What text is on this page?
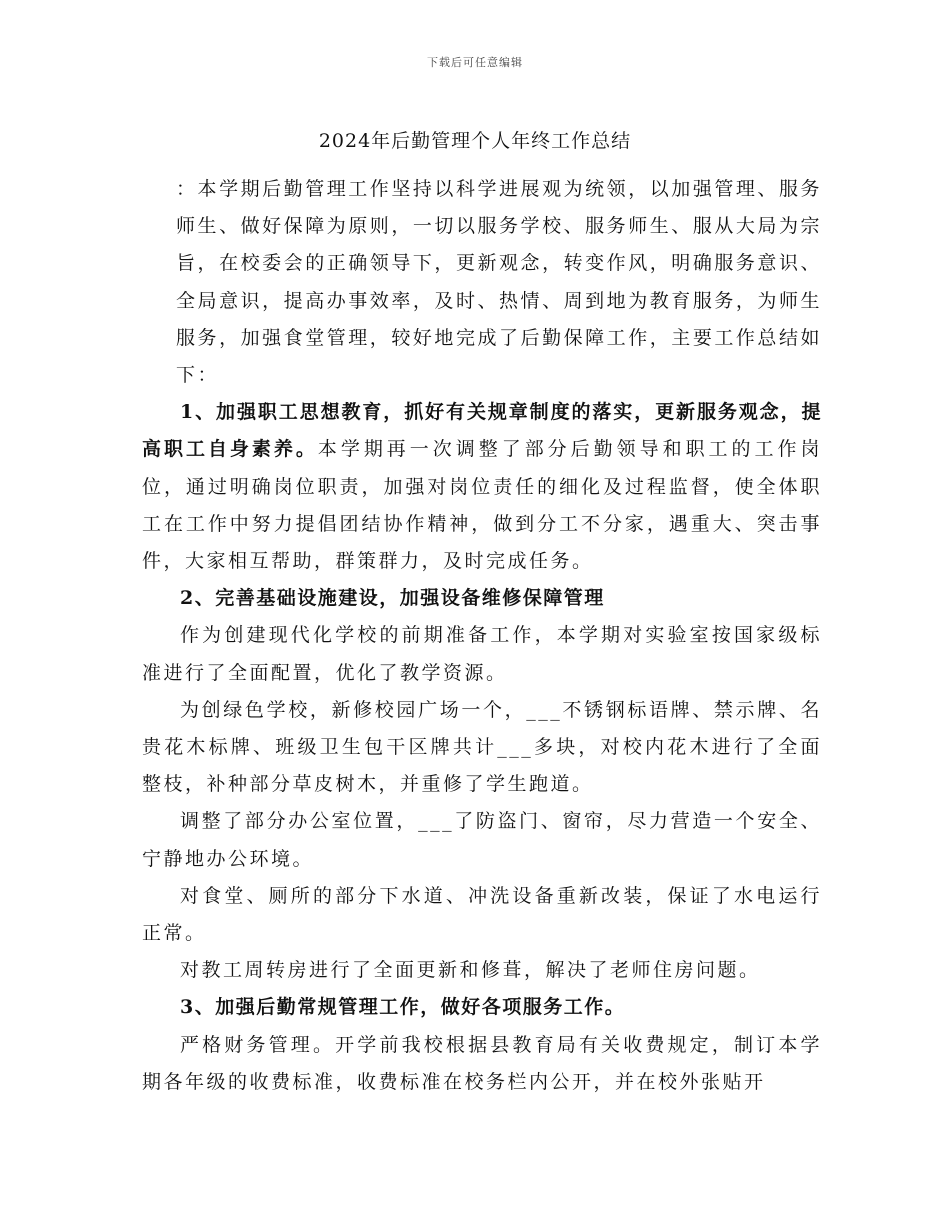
下载后可任意编辑
2024年后勤管理个人年终工作总结

：本学期后勤管理工作坚持以科学进展观为统领，以加强管理、服务师生、做好保障为原则，一切以服务学校、服务师生、服从大局为宗旨，在校委会的正确领导下，更新观念，转变作风，明确服务意识、全局意识，提高办事效率，及时、热情、周到地为教育服务，为师生服务，加强食堂管理，较好地完成了后勤保障工作，主要工作总结如下：

1、加强职工思想教育，抓好有关规章制度的落实，更新服务观念，提高职工自身素养。本学期再一次调整了部分后勤领导和职工的工作岗位，通过明确岗位职责，加强对岗位责任的细化及过程监督，使全体职工在工作中努力提倡团结协作精神，做到分工不分家，遇重大、突击事件，大家相互帮助，群策群力，及时完成任务。

2、完善基础设施建设，加强设备维修保障管理

作为创建现代化学校的前期准备工作，本学期对实验室按国家级标准进行了全面配置，优化了教学资源。

为创绿色学校，新修校园广场一个，___不锈钢标语牌、禁示牌、名贵花木标牌、班级卫生包干区牌共计___多块，对校内花木进行了全面整枝，补种部分草皮树木，并重修了学生跑道。

调整了部分办公室位置，___了防盗门、窗帘，尽力营造一个安全、宁静地办公环境。

对食堂、厕所的部分下水道、冲洗设备重新改装，保证了水电运行正常。

对教工周转房进行了全面更新和修葺，解决了老师住房问题。

3、加强后勤常规管理工作，做好各项服务工作。

严格财务管理。开学前我校根据县教育局有关收费规定，制订本学期各年级的收费标准，收费标准在校务栏内公开，并在校外张贴开
